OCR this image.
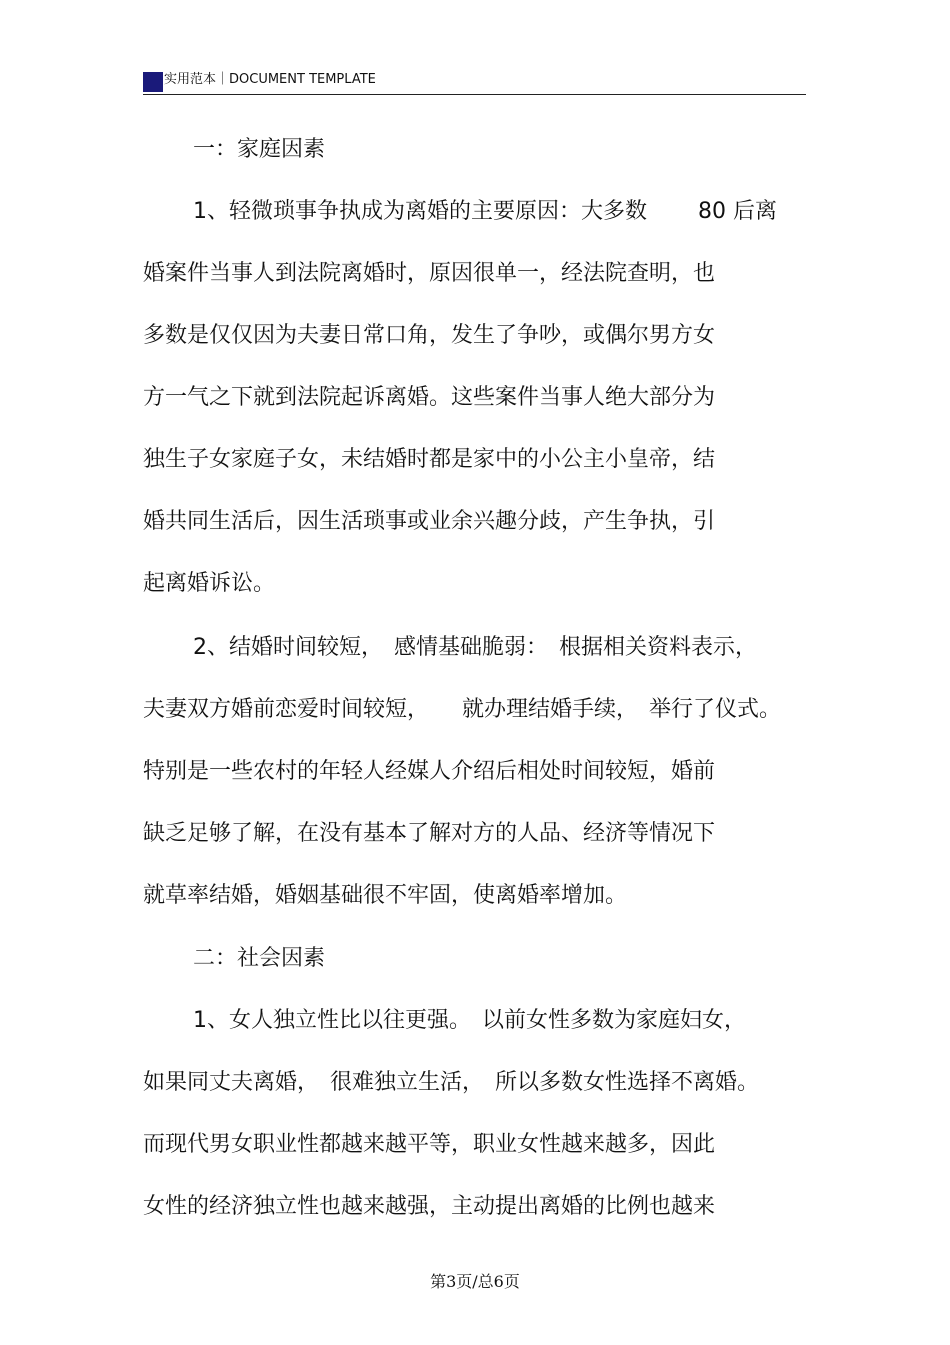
实用范本｜DOCUMENT TEMPLATE
一：家庭因素
1、轻微琐事争执成为离婚的主要原因：大多数　　 80 后离
婚案件当事人到法院离婚时，原因很单一，经法院查明，也
多数是仅仅因为夫妻日常口角，发生了争吵，或偶尔男方女
方一气之下就到法院起诉离婚。这些案件当事人绝大部分为
独生子女家庭子女，未结婚时都是家中的小公主小皇帝，结
婚共同生活后，因生活琐事或业余兴趣分歧，产生争执，引
起离婚诉讼。
2、结婚时间较短，　感情基础脆弱：　根据相关资料表示，
夫妻双方婚前恋爱时间较短，　　就办理结婚手续，　举行了仪式。
特别是一些农村的年轻人经媒人介绍后相处时间较短，婚前
缺乏足够了解，在没有基本了解对方的人品、经济等情况下
就草率结婚，婚姻基础很不牢固，使离婚率增加。
二：社会因素
1、女人独立性比以往更强。　以前女性多数为家庭妇女，
如果同丈夫离婚，　很难独立生活，　所以多数女性选择不离婚。
而现代男女职业性都越来越平等，职业女性越来越多，因此
女性的经济独立性也越来越强，主动提出离婚的比例也越来
第3页/总6页
